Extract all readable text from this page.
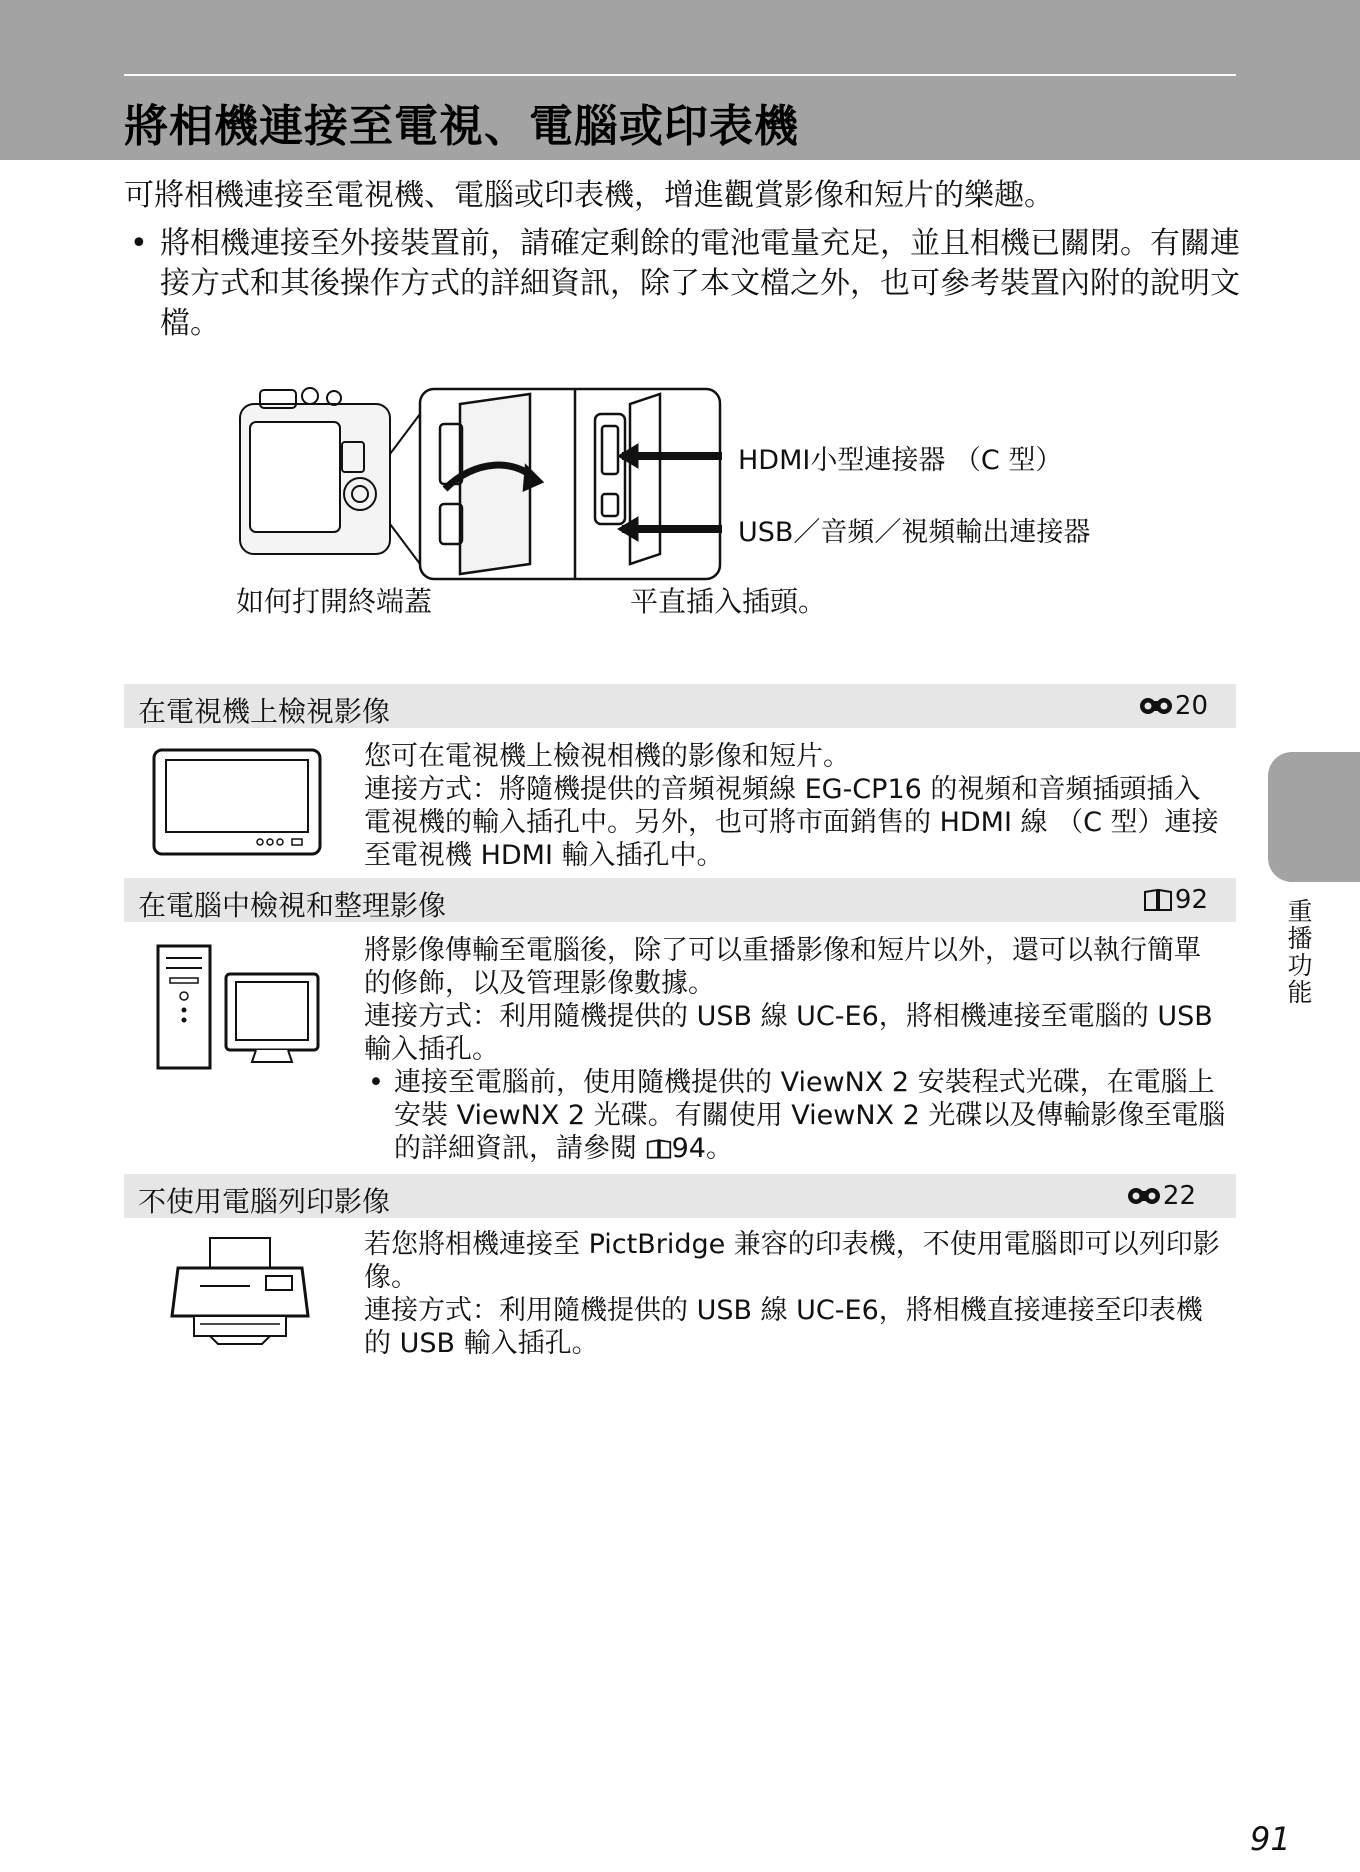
將相機連接至電視、電腦或印表機

可將相機連接至電視機、電腦或印表機，增進觀賞影像和短片的樂趣。

• 將相機連接至外接裝置前，請確定剩餘的電池電量充足，並且相機已關閉。有關連接方式和其後操作方式的詳細資訊，除了本文檔之外，也可參考裝置內附的說明文檔。
HDMI小型連接器 （C 型）
USB／音頻／視頻輸出連接器
如何打開終端蓋	平直插入插頭。
在電視機上檢視影像	20

您可在電視機上檢視相機的影像和短片。

連接方式：將隨機提供的音頻視頻線 EG-CP16 的視頻和音頻插頭插入電視機的輸入插孔中。另外，也可將市面銷售的 HDMI 線 （C 型）連接至電視機 HDMI 輸入插孔中。

在電腦中檢視和整理影像	92

將影像傳輸至電腦後，除了可以重播影像和短片以外，還可以執行簡單的修飾，以及管理影像數據。

連接方式：利用隨機提供的 USB 線 UC-E6，將相機連接至電腦的 USB 輸入插孔。

• 連接至電腦前，使用隨機提供的 ViewNX 2 安裝程式光碟，在電腦上安裝 ViewNX 2 光碟。有關使用 ViewNX 2 光碟以及傳輸影像至電腦的詳細資訊，請參閱 94。
不使用電腦列印影像	22

若您將相機連接至 PictBridge 兼容的印表機，不使用電腦即可以列印影像。

連接方式：利用隨機提供的 USB 線 UC-E6，將相機直接連接至印表機的 USB 輸入插孔。

重播功能
91
